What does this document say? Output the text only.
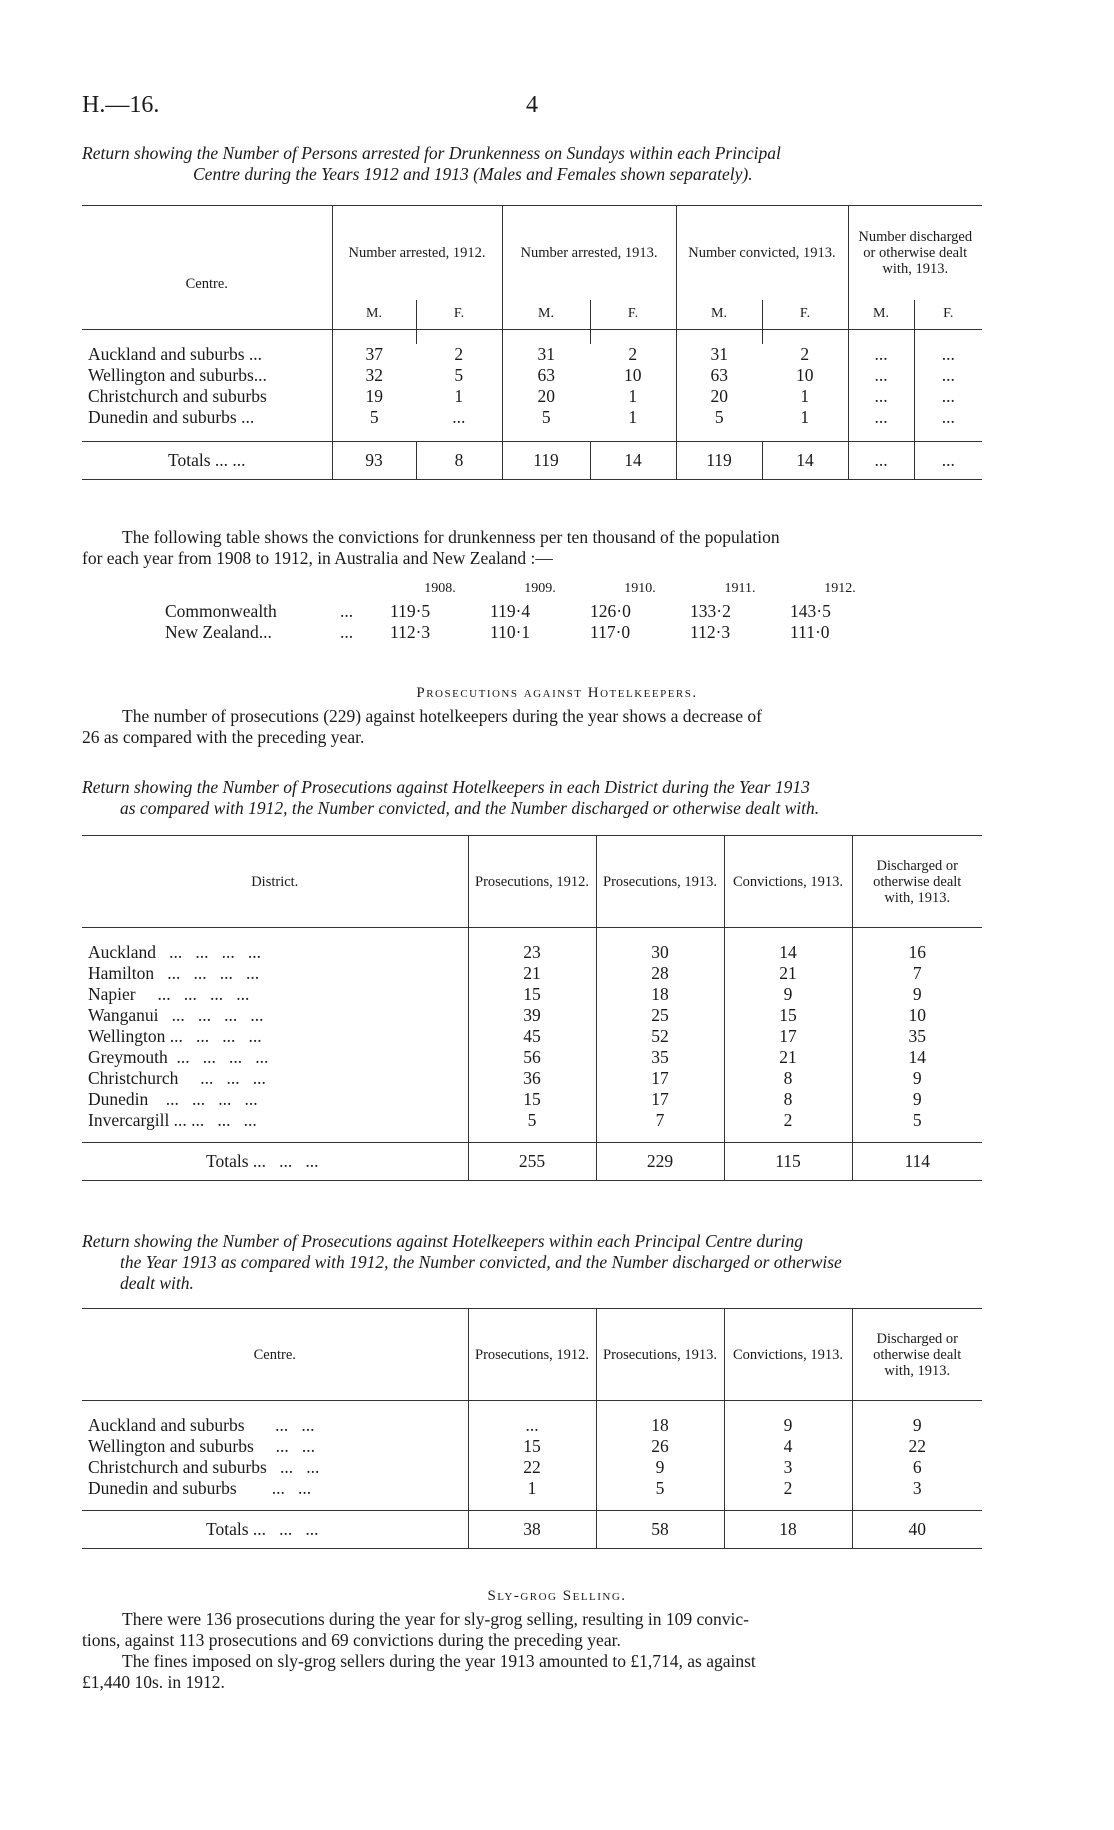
H.—16.	4
Return showing the Number of Persons arrested for Drunkenness on Sundays within each Principal
Centre during the Years 1912 and 1913 (Males and Females shown separately).
Centre.	Number arrested, 1912.		Number arrested, 1913.		Number convicted, 1913.		Number discharged or otherwise dealt with, 1913.	
	M.	F.	M.	F.	M.	F.	M.	F.

Auckland and suburbs ...	37	2	31	2	31	2	...	...
Wellington and suburbs...	32	5	63	10	63	10	...	...
Christchurch and suburbs	19	1	20	1	20	1	...	...
Dunedin and suburbs ...	5	...	5	1	5	1	...	...

Totals ... ...	93	8	119	14	119	14	...	...
The following table shows the convictions for drunkenness per ten thousand of the population
for each year from 1908 to 1912, in Australia and New Zealand :—
		1908.	1909.	1910.	1911.	1912.
Commonwealth	...	119·5	119·4	126·0	133·2	143·5
New Zealand...	...	112·3	110·1	117·0	112·3	111·0
Prosecutions against Hotelkeepers.
The number of prosecutions (229) against hotelkeepers during the year shows a decrease of
26 as compared with the preceding year.
Return showing the Number of Prosecutions against Hotelkeepers in each District during the Year 1913
as compared with 1912, the Number convicted, and the Number discharged or otherwise dealt with.
District.	Prosecutions, 1912.	Prosecutions, 1913.	Convictions, 1913.	Discharged or otherwise dealt with, 1913.

Auckland   ...   ...   ...   ...	23	30	14	16
Hamilton   ...   ...   ...   ...	21	28	21	7
Napier     ...   ...   ...   ...	15	18	9	9
Wanganui   ...   ...   ...   ...	39	25	15	10
Wellington ...   ...   ...   ...	45	52	17	35
Greymouth  ...   ...   ...   ...	56	35	21	14
Christchurch     ...   ...   ...	36	17	8	9
Dunedin    ...   ...   ...   ...	15	17	8	9
Invercargill ... ...   ...   ...	5	7	2	5

Totals ...   ...   ...	255	229	115	114
Return showing the Number of Prosecutions against Hotelkeepers within each Principal Centre during
the Year 1913 as compared with 1912, the Number convicted, and the Number discharged or otherwise
dealt with.
Centre.	Prosecutions, 1912.	Prosecutions, 1913.	Convictions, 1913.	Discharged or otherwise dealt with, 1913.

Auckland and suburbs       ...   ...	...	18	9	9
Wellington and suburbs     ...   ...	15	26	4	22
Christchurch and suburbs   ...   ...	22	9	3	6
Dunedin and suburbs        ...   ...	1	5	2	3

Totals ...   ...   ...	38	58	18	40
Sly-grog Selling.
There were 136 prosecutions during the year for sly-grog selling, resulting in 109 convic-
tions, against 113 prosecutions and 69 convictions during the preceding year.
The fines imposed on sly-grog sellers during the year 1913 amounted to £1,714, as against
£1,440 10s. in 1912.
